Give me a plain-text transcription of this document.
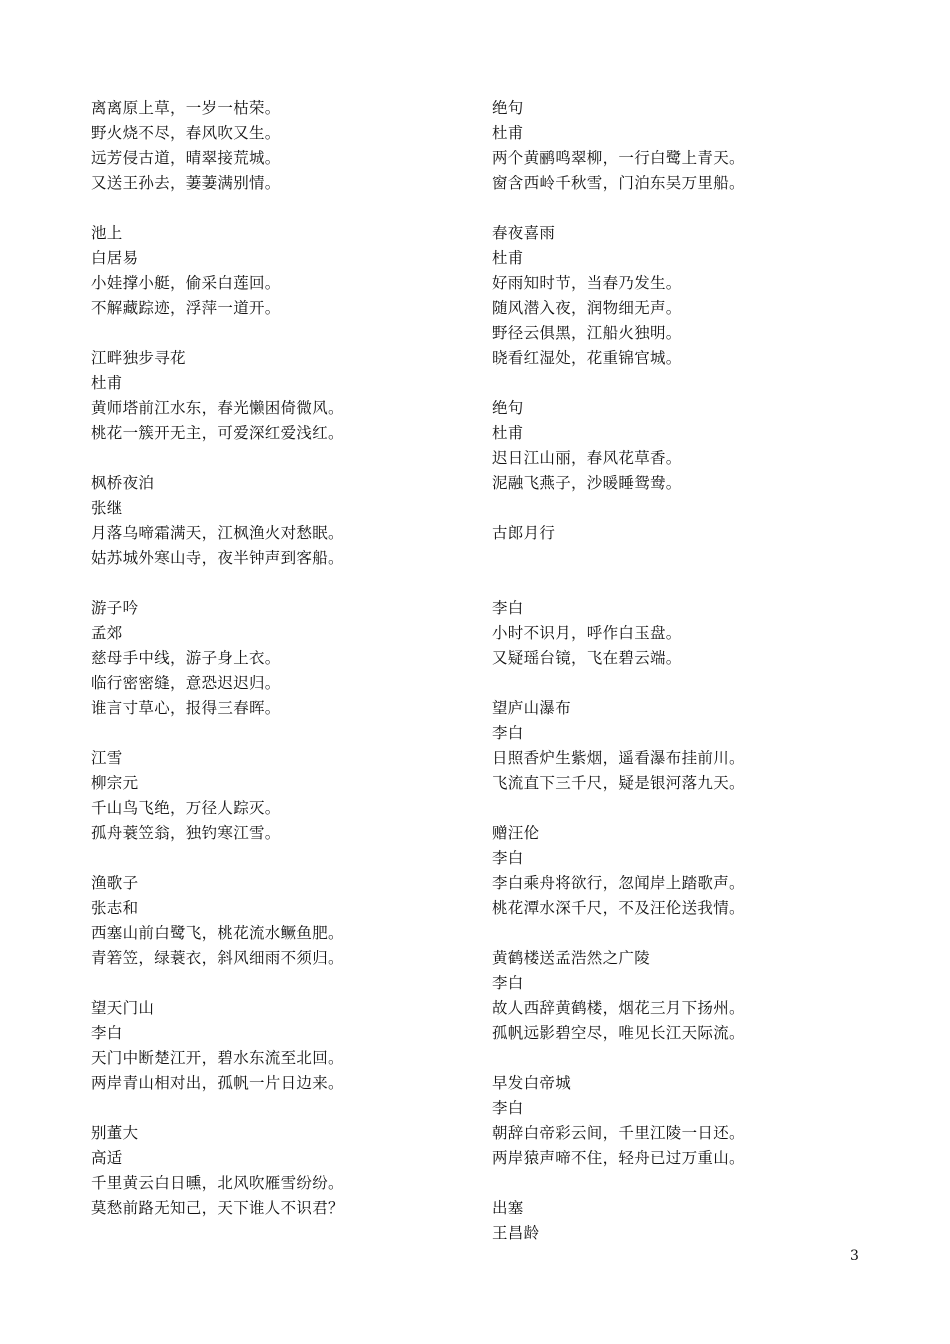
离离原上草，一岁一枯荣。
野火烧不尽，春风吹又生。
远芳侵古道，晴翠接荒城。
又送王孙去，萋萋满别情。
池上
白居易
小娃撑小艇，偷采白莲回。
不解藏踪迹，浮萍一道开。
江畔独步寻花
杜甫
黄师塔前江水东，春光懒困倚微风。
桃花一簇开无主，可爱深红爱浅红。
枫桥夜泊
张继
月落乌啼霜满天，江枫渔火对愁眠。
姑苏城外寒山寺，夜半钟声到客船。
游子吟
孟郊
慈母手中线，游子身上衣。
临行密密缝，意恐迟迟归。
谁言寸草心，报得三春晖。
江雪
柳宗元
千山鸟飞绝，万径人踪灭。
孤舟蓑笠翁，独钓寒江雪。
渔歌子
张志和
西塞山前白鹭飞，桃花流水鳜鱼肥。
青箬笠，绿蓑衣，斜风细雨不须归。
望天门山
李白
天门中断楚江开，碧水东流至北回。
两岸青山相对出，孤帆一片日边来。
别董大
高适
千里黄云白日曛，北风吹雁雪纷纷。
莫愁前路无知己，天下谁人不识君？
绝句
杜甫
两个黄鹂鸣翠柳，一行白鹭上青天。
窗含西岭千秋雪，门泊东吴万里船。
春夜喜雨
杜甫
好雨知时节，当春乃发生。
随风潜入夜，润物细无声。
野径云俱黑，江船火独明。
晓看红湿处，花重锦官城。
绝句
杜甫
迟日江山丽，春风花草香。
泥融飞燕子，沙暖睡鸳鸯。
古郎月行
李白
小时不识月，呼作白玉盘。
又疑瑶台镜，飞在碧云端。
望庐山瀑布
李白
日照香炉生紫烟，遥看瀑布挂前川。
飞流直下三千尺，疑是银河落九天。
赠汪伦
李白
李白乘舟将欲行，忽闻岸上踏歌声。
桃花潭水深千尺，不及汪伦送我情。
黄鹤楼送孟浩然之广陵
李白
故人西辞黄鹤楼，烟花三月下扬州。
孤帆远影碧空尽，唯见长江天际流。
早发白帝城
李白
朝辞白帝彩云间，千里江陵一日还。
两岸猿声啼不住，轻舟已过万重山。
出塞
王昌龄
3
